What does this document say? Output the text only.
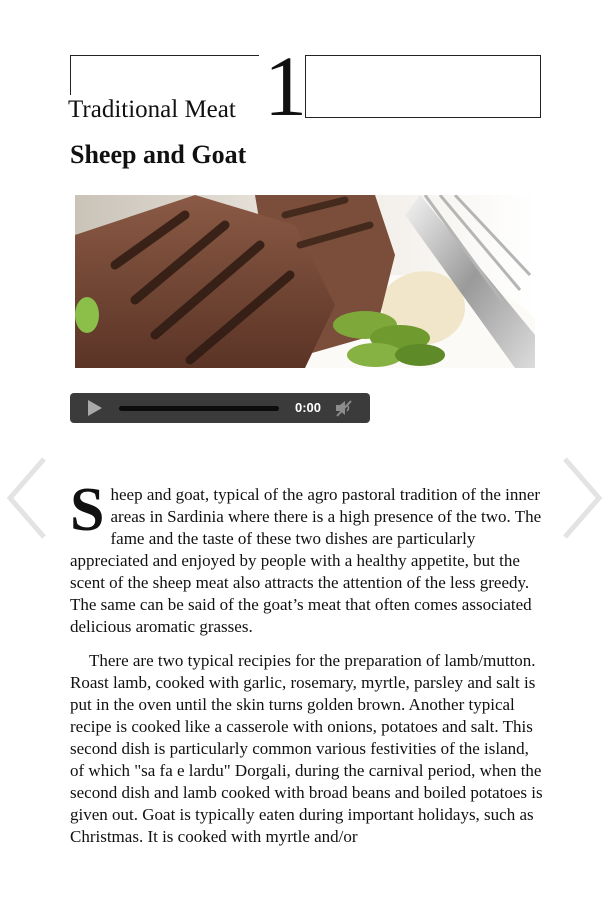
Traditional Meat 1
Sheep and Goat
0:00

Sheep and goat, typical of the agro pastoral tradition of the inner areas in Sardinia where there is a high presence of the two. The fame and the taste of these two dishes are particularly appreciated and enjoyed by people with a healthy appetite, but the scent of the sheep meat also attracts the attention of the less greedy. The same can be said of the goat’s meat that often comes associated delicious aromatic grasses.

There are two typical recipies for the preparation of lamb/mutton. Roast lamb, cooked with garlic, rosemary, myrtle, parsley and salt is put in the oven until the skin turns golden brown. Another typical recipe is cooked like a casserole with onions, potatoes and salt. This second dish is particularly common various festivities of the island, of which "sa fa e lardu" Dorgali, during the carnival period, when the second dish and lamb cooked with broad beans and boiled potatoes is given out. Goat is typically eaten during important holidays, such as Christmas. It is cooked with myrtle and/or
